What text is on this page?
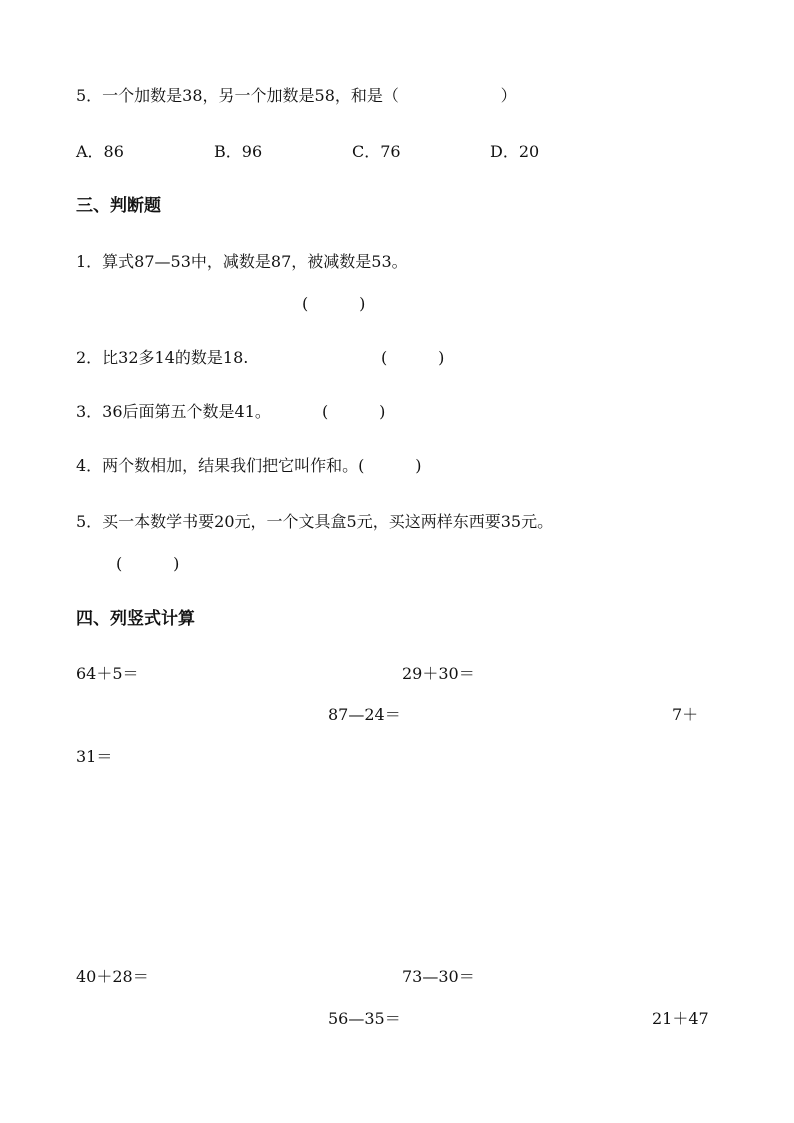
5．一个加数是38，另一个加数是58，和是（                    ）
A．86	B．96	C．76	D．20
三、判断题
1．算式87—53中，减数是87，被减数是53。
(          )
2．比32多14的数是18.	(          )
3．36后面第五个数是41。	(          )
4．两个数相加，结果我们把它叫作和。(          )
5．买一本数学书要20元，一个文具盒5元，买这两样东西要35元。
(          )
四、列竖式计算
64＋5＝	29＋30＝
87—24＝	7＋
31＝
40＋28＝	73—30＝
56—35＝	21＋47
